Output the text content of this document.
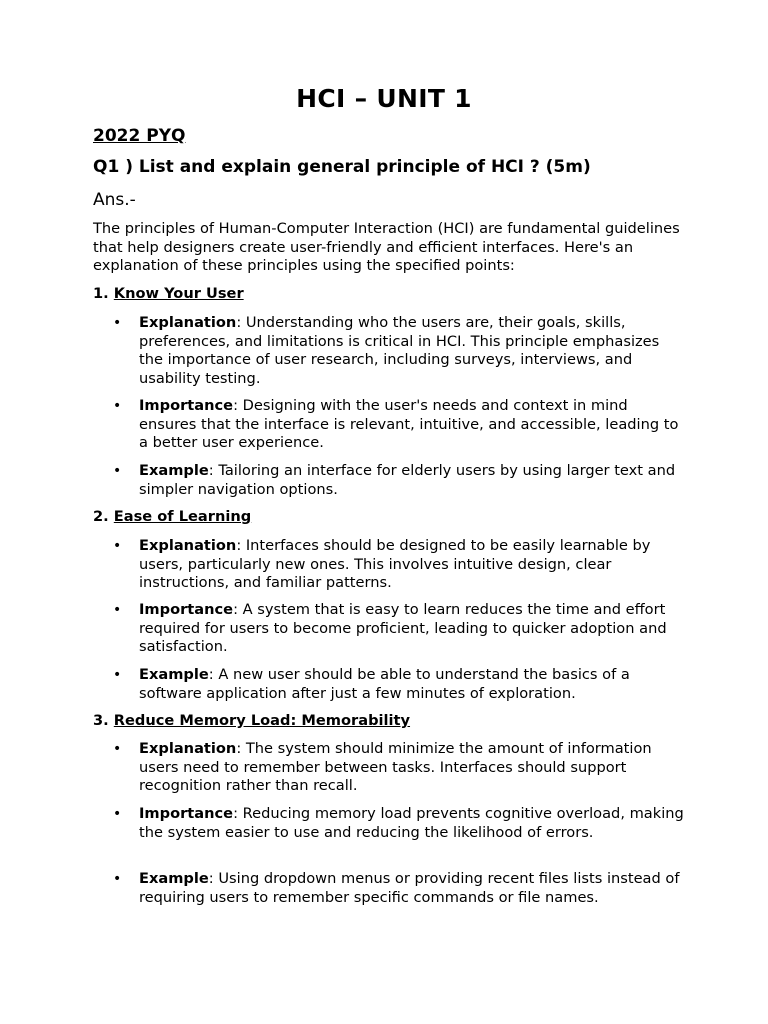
HCI – UNIT 1
2022 PYQ
Q1 ) List and explain general principle of HCI ? (5m)
Ans.-
The principles of Human-Computer Interaction (HCI) are fundamental guidelines that help designers create user-friendly and efficient interfaces. Here's an explanation of these principles using the specified points:
1. Know Your User
• Explanation: Understanding who the users are, their goals, skills, preferences, and limitations is critical in HCI. This principle emphasizes the importance of user research, including surveys, interviews, and usability testing.
• Importance: Designing with the user's needs and context in mind ensures that the interface is relevant, intuitive, and accessible, leading to a better user experience.
• Example: Tailoring an interface for elderly users by using larger text and simpler navigation options.
2. Ease of Learning
• Explanation: Interfaces should be designed to be easily learnable by users, particularly new ones. This involves intuitive design, clear instructions, and familiar patterns.
• Importance: A system that is easy to learn reduces the time and effort required for users to become proficient, leading to quicker adoption and satisfaction.
• Example: A new user should be able to understand the basics of a software application after just a few minutes of exploration.
3. Reduce Memory Load: Memorability
• Explanation: The system should minimize the amount of information users need to remember between tasks. Interfaces should support recognition rather than recall.
• Importance: Reducing memory load prevents cognitive overload, making the system easier to use and reducing the likelihood of errors.
• Example: Using dropdown menus or providing recent files lists instead of requiring users to remember specific commands or file names.
